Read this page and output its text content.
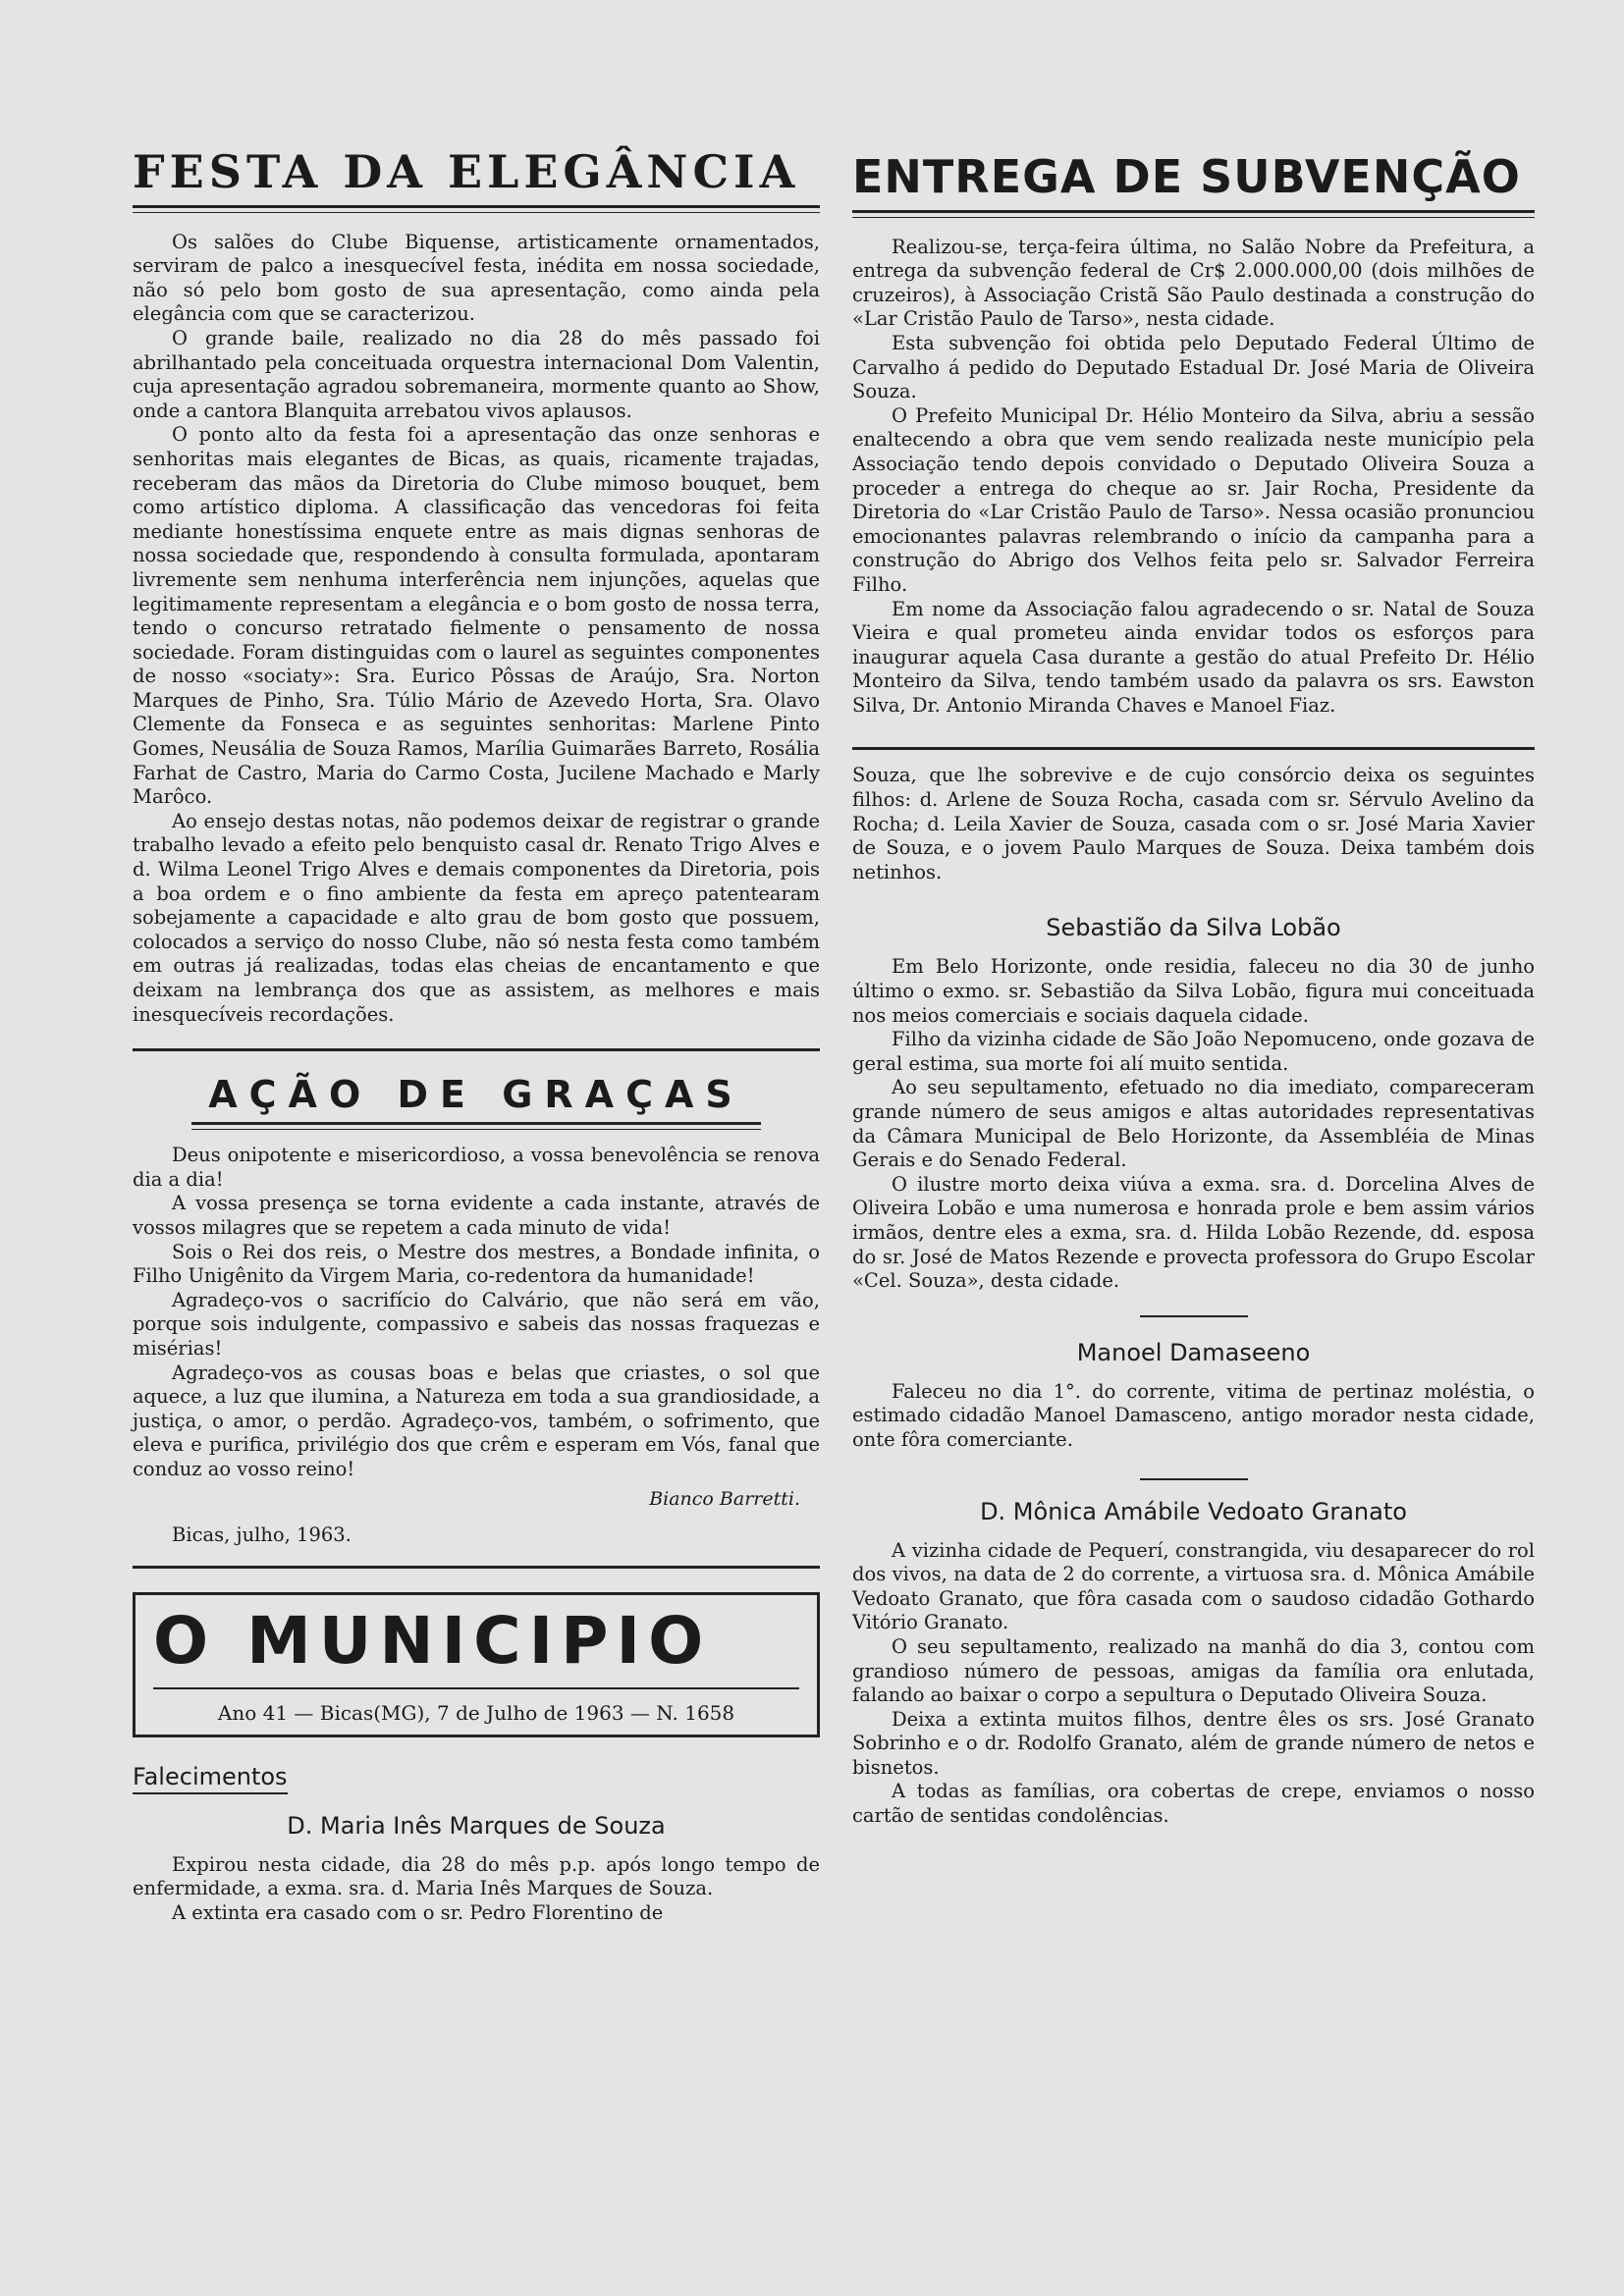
FESTA DA ELEGÂNCIA

Os salões do Clube Biquense, artisticamente ornamentados, serviram de palco a inesquecível festa, inédita em nossa sociedade, não só pelo bom gosto de sua apresentação, como ainda pela elegância com que se caracterizou.

O grande baile, realizado no dia 28 do mês passado foi abrilhantado pela conceituada orquestra internacional Dom Valentin, cuja apresentação agradou sobremaneira, mormente quanto ao Show, onde a cantora Blanquita arrebatou vivos aplausos.

O ponto alto da festa foi a apresentação das onze senhoras e senhoritas mais elegantes de Bicas, as quais, ricamente trajadas, receberam das mãos da Diretoria do Clube mimoso bouquet, bem como artístico diploma. A classificação das vencedoras foi feita mediante honestíssima enquete entre as mais dignas senhoras de nossa sociedade que, respondendo à consulta formulada, apontaram livremente sem nenhuma interferência nem injunções, aquelas que legitimamente representam a elegância e o bom gosto de nossa terra, tendo o concurso retratado fielmente o pensamento de nossa sociedade. Foram distinguidas com o laurel as seguintes componentes de nosso «sociaty»: Sra. Eurico Pôssas de Araújo, Sra. Norton Marques de Pinho, Sra. Túlio Mário de Azevedo Horta, Sra. Olavo Clemente da Fonseca e as seguintes senhoritas: Marlene Pinto Gomes, Neusália de Souza Ramos, Marília Guimarães Barreto, Rosália Farhat de Castro, Maria do Carmo Costa, Jucilene Machado e Marly Marôco.

Ao ensejo destas notas, não podemos deixar de registrar o grande trabalho levado a efeito pelo benquisto casal dr. Renato Trigo Alves e d. Wilma Leonel Trigo Alves e demais componentes da Diretoria, pois a boa ordem e o fino ambiente da festa em apreço patentearam sobejamente a capacidade e alto grau de bom gosto que possuem, colocados a serviço do nosso Clube, não só nesta festa como também em outras já realizadas, todas elas cheias de encantamento e que deixam na lembrança dos que as assistem, as melhores e mais inesquecíveis recordações.

AÇÃO DE GRAÇAS

Deus onipotente e misericordioso, a vossa benevolência se renova dia a dia!

A vossa presença se torna evidente a cada instante, através de vossos milagres que se repetem a cada minuto de vida!

Sois o Rei dos reis, o Mestre dos mestres, a Bondade infinita, o Filho Unigênito da Virgem Maria, co-redentora da humanidade!

Agradeço-vos o sacrifício do Calvário, que não será em vão, porque sois indulgente, compassivo e sabeis das nossas fraquezas e misérias!

Agradeço-vos as cousas boas e belas que criastes, o sol que aquece, a luz que ilumina, a Natureza em toda a sua grandiosidade, a justiça, o amor, o perdão. Agradeço-vos, também, o sofrimento, que eleva e purifica, privilégio dos que crêm e esperam em Vós, fanal que conduz ao vosso reino!

Bianco Barretti.
Bicas, julho, 1963.
O MUNICIPIO
Ano 41 — Bicas(MG), 7 de Julho de 1963 — N. 1658
Falecimentos
D. Maria Inês Marques de Souza

Expirou nesta cidade, dia 28 do mês p.p. após longo tempo de enfermidade, a exma. sra. d. Maria Inês Marques de Souza.

A extinta era casado com o sr. Pedro Florentino de

ENTREGA DE SUBVENÇÃO

Realizou-se, terça-feira última, no Salão Nobre da Prefeitura, a entrega da subvenção federal de Cr$ 2.000.000,00 (dois milhões de cruzeiros), à Associação Cristã São Paulo destinada a construção do «Lar Cristão Paulo de Tarso», nesta cidade.

Esta subvenção foi obtida pelo Deputado Federal Último de Carvalho á pedido do Deputado Estadual Dr. José Maria de Oliveira Souza.

O Prefeito Municipal Dr. Hélio Monteiro da Silva, abriu a sessão enaltecendo a obra que vem sendo realizada neste município pela Associação tendo depois convidado o Deputado Oliveira Souza a proceder a entrega do cheque ao sr. Jair Rocha, Presidente da Diretoria do «Lar Cristão Paulo de Tarso». Nessa ocasião pronunciou emocionantes palavras relembrando o início da campanha para a construção do Abrigo dos Velhos feita pelo sr. Salvador Ferreira Filho.

Em nome da Associação falou agradecendo o sr. Natal de Souza Vieira e qual prometeu ainda envidar todos os esforços para inaugurar aquela Casa durante a gestão do atual Prefeito Dr. Hélio Monteiro da Silva, tendo também usado da palavra os srs. Eawston Silva, Dr. Antonio Miranda Chaves e Manoel Fiaz.

Souza, que lhe sobrevive e de cujo consórcio deixa os seguintes filhos: d. Arlene de Souza Rocha, casada com sr. Sérvulo Avelino da Rocha; d. Leila Xavier de Souza, casada com o sr. José Maria Xavier de Souza, e o jovem Paulo Marques de Souza. Deixa também dois netinhos.

Sebastião da Silva Lobão

Em Belo Horizonte, onde residia, faleceu no dia 30 de junho último o exmo. sr. Sebastião da Silva Lobão, figura mui conceituada nos meios comerciais e sociais daquela cidade.

Filho da vizinha cidade de São João Nepomuceno, onde gozava de geral estima, sua morte foi alí muito sentida.

Ao seu sepultamento, efetuado no dia imediato, compareceram grande número de seus amigos e altas autoridades representativas da Câmara Municipal de Belo Horizonte, da Assembléia de Minas Gerais e do Senado Federal.

O ilustre morto deixa viúva a exma. sra. d. Dorcelina Alves de Oliveira Lobão e uma numerosa e honrada prole e bem assim vários irmãos, dentre eles a exma, sra. d. Hilda Lobão Rezende, dd. esposa do sr. José de Matos Rezende e provecta professora do Grupo Escolar «Cel. Souza», desta cidade.

Manoel Damaseeno

Faleceu no dia 1°. do corrente, vitima de pertinaz moléstia, o estimado cidadão Manoel Damasceno, antigo morador nesta cidade, onte fôra comerciante.

D. Mônica Amábile Vedoato Granato

A vizinha cidade de Pequerí, constrangida, viu desaparecer do rol dos vivos, na data de 2 do corrente, a virtuosa sra. d. Mônica Amábile Vedoato Granato, que fôra casada com o saudoso cidadão Gothardo Vitório Granato.

O seu sepultamento, realizado na manhã do dia 3, contou com grandioso número de pessoas, amigas da família ora enlutada, falando ao baixar o corpo a sepultura o Deputado Oliveira Souza.

Deixa a extinta muitos filhos, dentre êles os srs. José Granato Sobrinho e o dr. Rodolfo Granato, além de grande número de netos e bisnetos.

A todas as famílias, ora cobertas de crepe, enviamos o nosso cartão de sentidas condolências.
